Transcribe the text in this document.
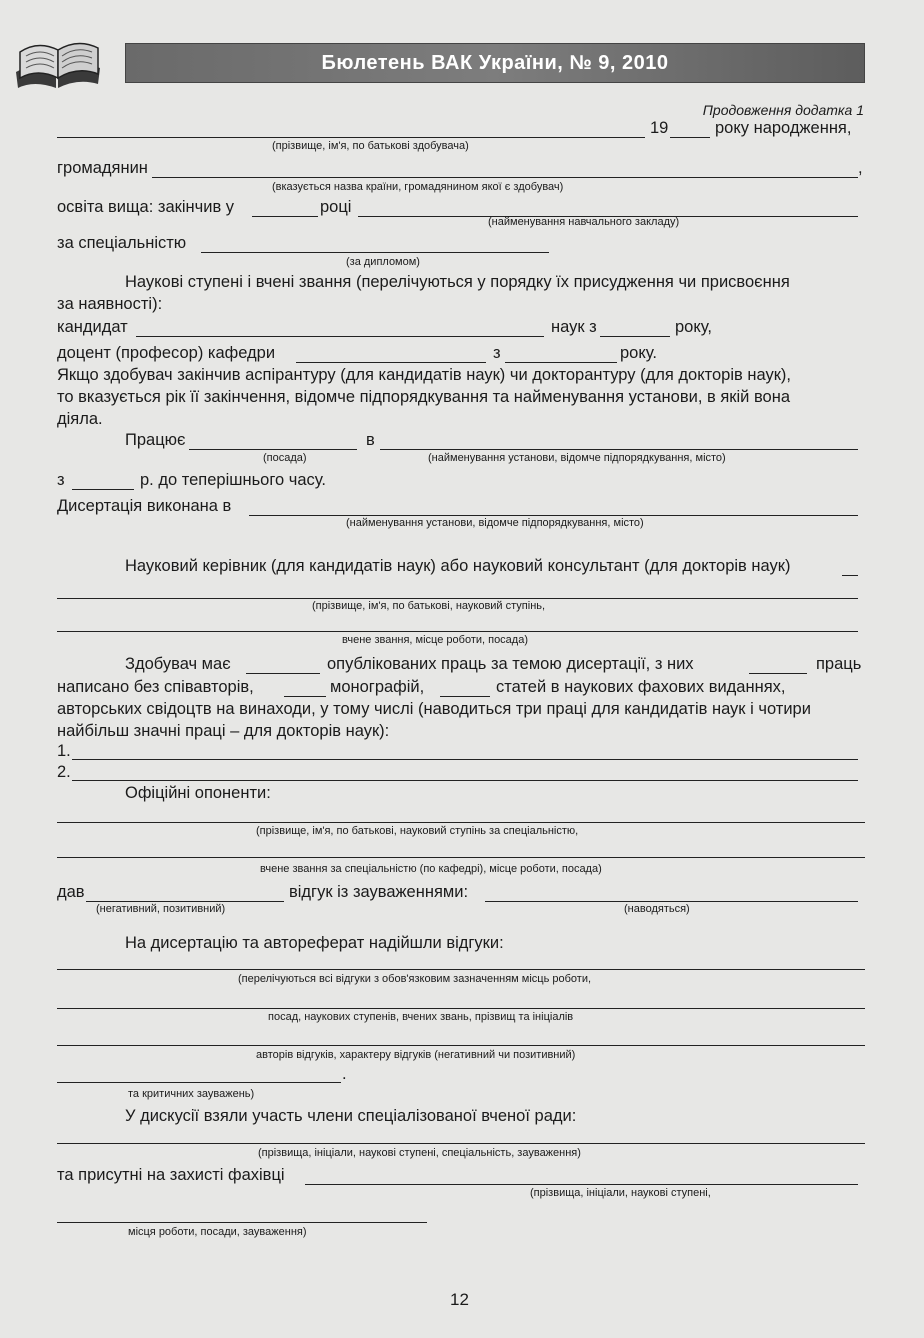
Бюлетень ВАК України, № 9, 2010
Продовження додатка 1
19	року народження,
(прізвище, ім'я, по батькові здобувача)
громадянин	,
(вказується назва країни, громадянином якої є здобувач)
освіта вища: закінчив у	році
(найменування навчального закладу)
за спеціальністю
(за дипломом)
Наукові ступені і вчені звання (перелічуються у порядку їх присудження чи присвоєння
за наявності):
кандидат	наук з	року,
доцент (професор) кафедри	з	року.
Якщо здобувач закінчив аспірантуру (для кандидатів наук) чи докторантуру (для докторів наук),
то вказується рік її закінчення, відомче підпорядкування та найменування установи, в якій вона
діяла.
Працює	в
(посада)	(найменування установи, відомче підпорядкування, місто)
з	р. до теперішнього часу.
Дисертація виконана в
(найменування установи, відомче підпорядкування, місто)
Науковий керівник (для кандидатів наук) або науковий консультант (для докторів наук)
(прізвище, ім'я, по батькові, науковий ступінь,
вчене звання, місце роботи, посада)
Здобувач має	опублікованих праць за темою дисертації, з них	праць
написано без співавторів,	монографій,	статей в наукових фахових виданнях,
авторських свідоцтв на винаходи, у тому числі (наводиться три праці для кандидатів наук і чотири
найбільш значні праці – для докторів наук):
1.
2.
Офіційні опоненти:
(прізвище, ім'я, по батькові, науковий ступінь за спеціальністю,
вчене звання за спеціальністю (по кафедрі), місце роботи, посада)
дав	відгук із зауваженнями:
(негативний, позитивний)	(наводяться)
На дисертацію та автореферат надійшли відгуки:
(перелічуються всі відгуки з обов'язковим зазначенням місць роботи,
посад, наукових ступенів, вчених звань, прізвищ та ініціалів
авторів відгуків, характеру відгуків (негативний чи позитивний)
.
та критичних зауважень)
У дискусії взяли участь члени спеціалізованої вченої ради:
(прізвища, ініціали, наукові ступені, спеціальність, зауваження)
та присутні на захисті фахівці
(прізвища, ініціали, наукові ступені,
місця роботи, посади, зауваження)
12
